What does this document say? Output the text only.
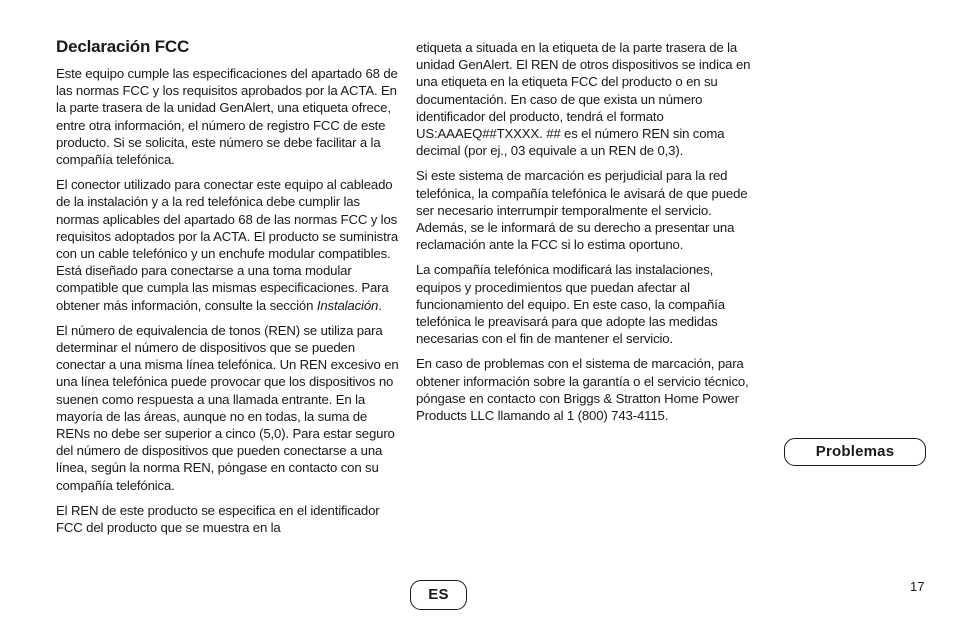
Declaración FCC

Este equipo cumple las especificaciones del apartado 68 de las normas FCC y los requisitos aprobados por la ACTA. En la parte trasera de la unidad GenAlert, una etiqueta ofrece, entre otra información, el número de registro FCC de este producto. Si se solicita, este número se debe facilitar a la compañía telefónica.

El conector utilizado para conectar este equipo al cableado de la instalación y a la red telefónica debe cumplir las normas aplicables del apartado 68 de las normas FCC y los requisitos adoptados por la ACTA. El producto se suministra con un cable telefónico y un enchufe modular compatibles. Está diseñado para conectarse a una toma modular compatible que cumpla las mismas especificaciones. Para obtener más información, consulte la sección Instalación.

El número de equivalencia de tonos (REN) se utiliza para determinar el número de dispositivos que se pueden conectar a una misma línea telefónica. Un REN excesivo en una línea telefónica puede provocar que los dispositivos no suenen como respuesta a una llamada entrante. En la mayoría de las áreas, aunque no en todas, la suma de RENs no debe ser superior a cinco (5,0). Para estar seguro del número de dispositivos que pueden conectarse a una línea, según la norma REN, póngase en contacto con su compañía telefónica.

El REN de este producto se especifica en el identificador FCC del producto que se muestra en la

etiqueta a situada en la etiqueta de la parte trasera de la unidad GenAlert. El REN de otros dispositivos se indica en una etiqueta en la etiqueta FCC del producto o en su documentación. En caso de que exista un número identificador del producto, tendrá el formato US:AAAEQ##TXXXX. ## es el número REN sin coma decimal (por ej., 03 equivale a un REN de 0,3).

Si este sistema de marcación es perjudicial para la red telefónica, la compañía telefónica le avisará de que puede ser necesario interrumpir temporalmente el servicio. Además, se le informará de su derecho a presentar una reclamación ante la FCC si lo estima oportuno.

La compañía telefónica modificará las instalaciones, equipos y procedimientos que puedan afectar al funcionamiento del equipo. En este caso, la compañía telefónica le preavisará para que adopte las medidas necesarias con el fin de mantener el servicio.

En caso de problemas con el sistema de marcación, para obtener información sobre la garantía o el servicio técnico, póngase en contacto con Briggs & Stratton Home Power Products LLC llamando al 1 (800) 743-4115.

Problemas
ES	17
